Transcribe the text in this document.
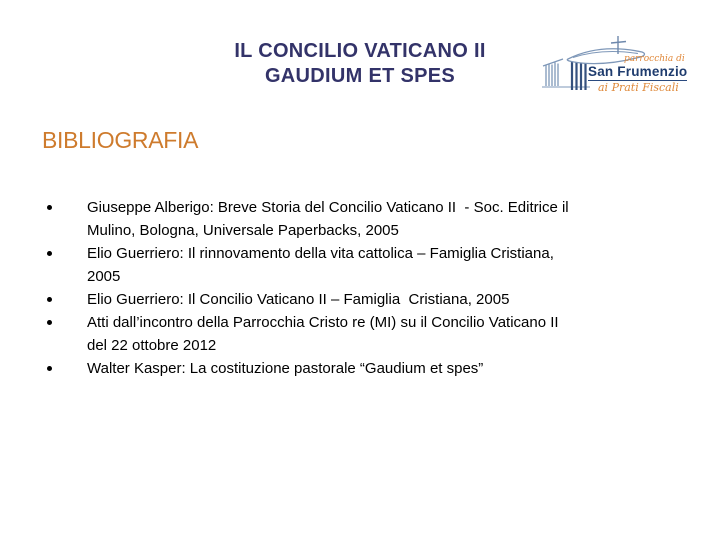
IL CONCILIO VATICANO II
GAUDIUM ET SPES
parrocchia di
San Frumenzio
ai Prati Fiscali
BIBLIOGRAFIA
Giuseppe Alberigo: Breve Storia del Concilio Vaticano II  - Soc. Editrice il
Mulino, Bologna, Universale Paperbacks, 2005
Elio Guerriero: Il rinnovamento della vita cattolica – Famiglia Cristiana,
2005
Elio Guerriero: Il Concilio Vaticano II – Famiglia  Cristiana, 2005
Atti dall’incontro della Parrocchia Cristo re (MI) su il Concilio Vaticano II
del 22 ottobre 2012
Walter Kasper: La costituzione pastorale “Gaudium et spes”
